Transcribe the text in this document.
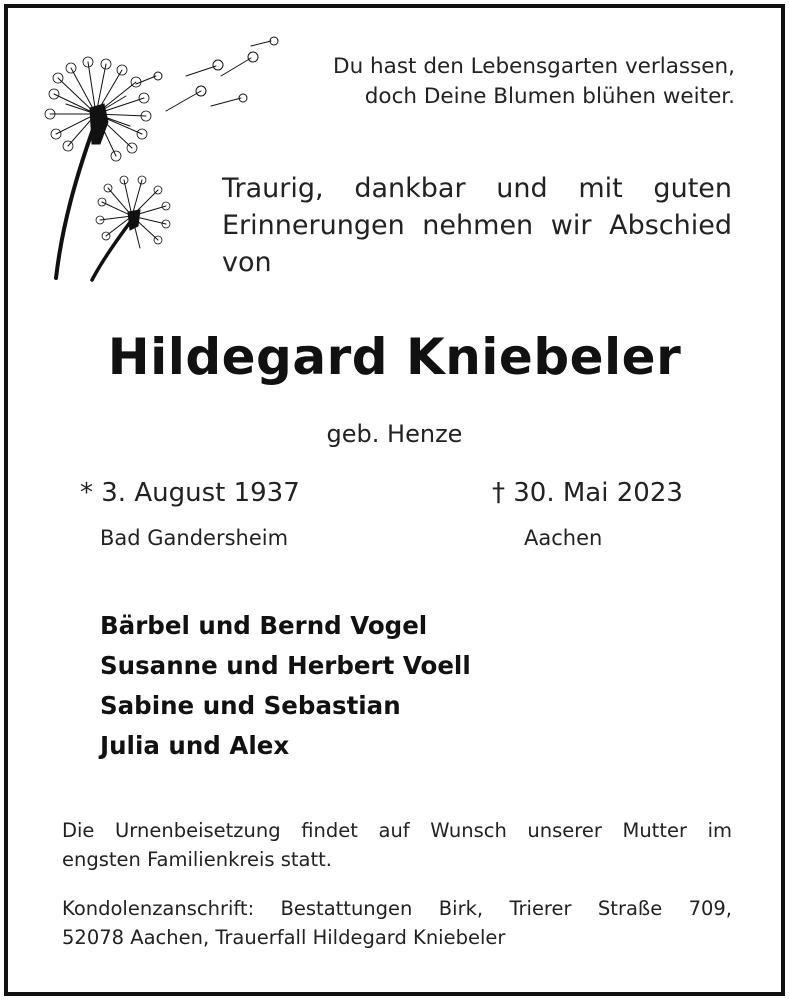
Du hast den Lebensgarten verlassen,
doch Deine Blumen blühen weiter.
Traurig, dankbar und mit guten
Erinnerungen nehmen wir Abschied
von
Hildegard Kniebeler
geb. Henze
* 3. August 1937	† 30. Mai 2023
Bad Gandersheim	Aachen
Bärbel und Bernd Vogel
Susanne und Herbert Voell
Sabine und Sebastian
Julia und Alex
Die Urnenbeisetzung findet auf Wunsch unserer Mutter im
engsten Familienkreis statt.
Kondolenzanschrift: Bestattungen Birk, Trierer Straße 709,
52078 Aachen, Trauerfall Hildegard Kniebeler
